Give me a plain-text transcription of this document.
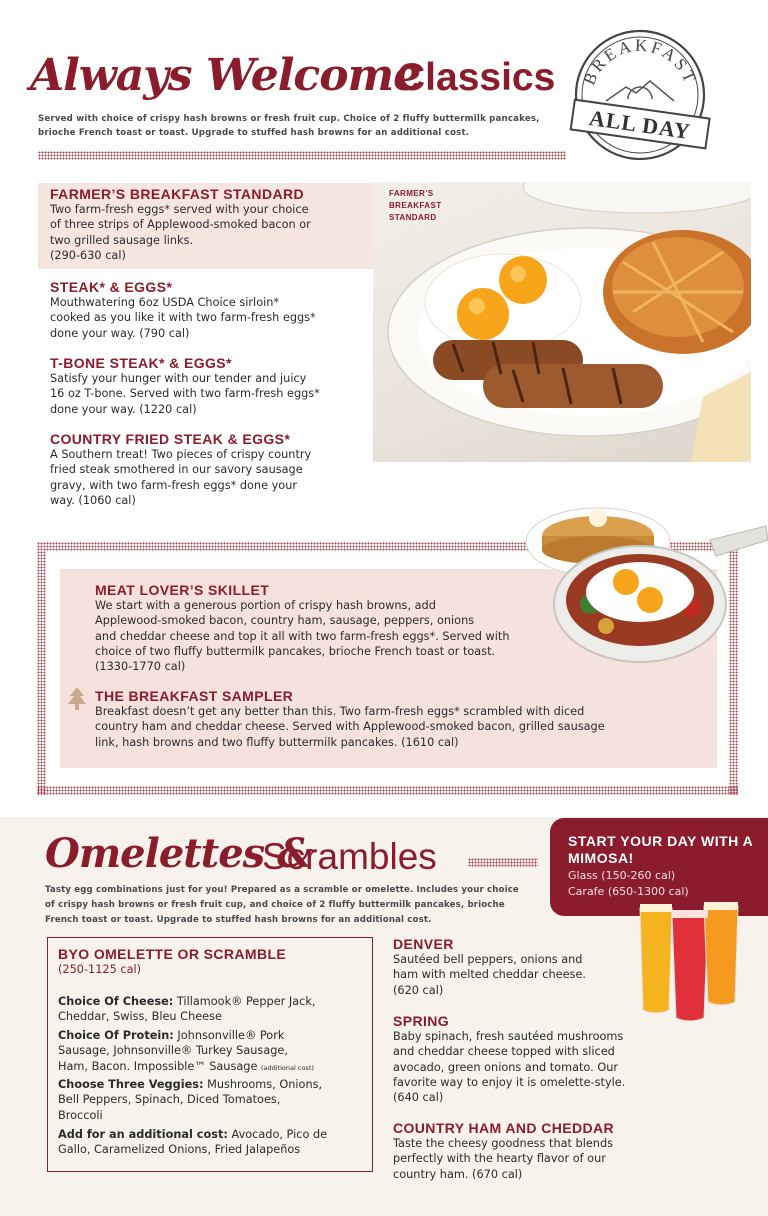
Always Welcome
Classics
Served with choice of crispy hash browns or fresh fruit cup. Choice of 2 fluffy buttermilk pancakes, brioche French toast or toast. Upgrade to stuffed hash browns for an additional cost.
BREAKFAST
ALL DAY
FARMER’S BREAKFAST STANDARD
Two farm-fresh eggs* served with your choice
of three strips of Applewood-smoked bacon or
two grilled sausage links.
(290-630 cal)
STEAK* & EGGS*
Mouthwatering 6oz USDA Choice sirloin*
cooked as you like it with two farm-fresh eggs*
done your way. (790 cal)
T-BONE STEAK* & EGGS*
Satisfy your hunger with our tender and juicy
16 oz T-bone. Served with two farm-fresh eggs*
done your way. (1220 cal)
COUNTRY FRIED STEAK & EGGS*
A Southern treat! Two pieces of crispy country
fried steak smothered in our savory sausage
gravy, with two farm-fresh eggs* done your
way. (1060 cal)
FARMER’S
BREAKFAST
STANDARD
MEAT LOVER’S SKILLET
We start with a generous portion of crispy hash browns, add
Applewood-smoked bacon, country ham, sausage, peppers, onions
and cheddar cheese and top it all with two farm-fresh eggs*. Served with
choice of two fluffy buttermilk pancakes, brioche French toast or toast.
(1330-1770 cal)
THE BREAKFAST SAMPLER
Breakfast doesn’t get any better than this. Two farm-fresh eggs* scrambled with diced
country ham and cheddar cheese. Served with Applewood-smoked bacon, grilled sausage
link, hash browns and two fluffy buttermilk pancakes. (1610 cal)
Omelettes &
Scrambles
Tasty egg combinations just for you! Prepared as a scramble or omelette. Includes your choice of crispy hash browns or fresh fruit cup, and choice of 2 fluffy buttermilk pancakes, brioche French toast or toast. Upgrade to stuffed hash browns for an additional cost.
START YOUR DAY WITH A MIMOSA!
Glass (150-260 cal)
Carafe (650-1300 cal)
BYO OMELETTE OR SCRAMBLE
(250-1125 cal)
Choice Of Cheese: Tillamook® Pepper Jack,
Cheddar, Swiss, Bleu Cheese
Choice Of Protein: Johnsonville® Pork
Sausage, Johnsonville® Turkey Sausage,
Ham, Bacon. Impossible™ Sausage (additional cost)
Choose Three Veggies: Mushrooms, Onions,
Bell Peppers, Spinach, Diced Tomatoes,
Broccoli
Add for an additional cost: Avocado, Pico de
Gallo, Caramelized Onions, Fried Jalapeños
DENVER
Sautéed bell peppers, onions and
ham with melted cheddar cheese.
(620 cal)
SPRING
Baby spinach, fresh sautéed mushrooms
and cheddar cheese topped with sliced
avocado, green onions and tomato. Our
favorite way to enjoy it is omelette-style.
(640 cal)
COUNTRY HAM AND CHEDDAR
Taste the cheesy goodness that blends
perfectly with the hearty flavor of our
country ham. (670 cal)
